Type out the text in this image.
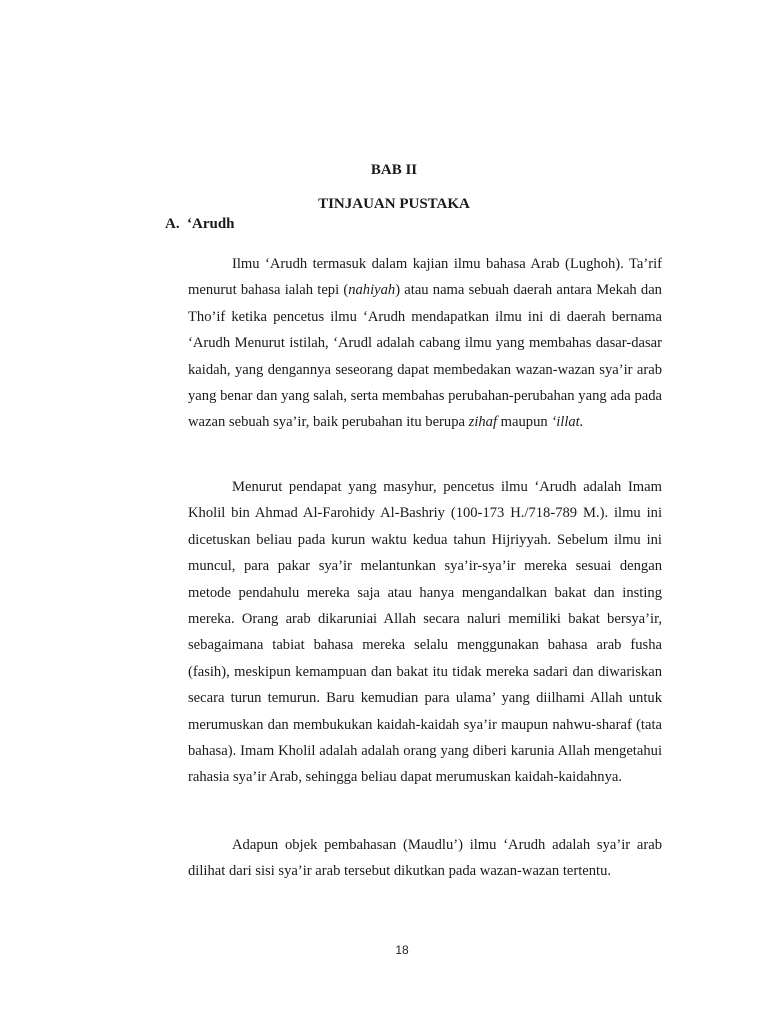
BAB II
TINJAUAN PUSTAKA
A. ‘Arudh

Ilmu ‘Arudh termasuk dalam kajian ilmu bahasa Arab (Lughoh). Ta’rif menurut bahasa ialah tepi (nahiyah) atau nama sebuah daerah antara Mekah dan Tho’if ketika pencetus ilmu ‘Arudh mendapatkan ilmu ini di daerah bernama ‘Arudh Menurut istilah, ‘Arudl adalah cabang ilmu yang membahas dasar-dasar kaidah, yang dengannya seseorang dapat membedakan wazan-wazan sya’ir arab yang benar dan yang salah, serta membahas perubahan-perubahan yang ada pada wazan sebuah sya’ir, baik perubahan itu berupa zihaf maupun ‘illat.

Menurut pendapat yang masyhur, pencetus ilmu ‘Arudh adalah Imam Kholil bin Ahmad Al-Farohidy Al-Bashriy (100-173 H./718-789 M.). ilmu ini dicetuskan beliau pada kurun waktu kedua tahun Hijriyyah. Sebelum ilmu ini muncul, para pakar sya’ir melantunkan sya’ir-sya’ir mereka sesuai dengan metode pendahulu mereka saja atau hanya mengandalkan bakat dan insting mereka. Orang arab dikaruniai Allah secara naluri memiliki bakat bersya’ir, sebagaimana tabiat bahasa mereka selalu menggunakan bahasa arab fusha (fasih), meskipun kemampuan dan bakat itu tidak mereka sadari dan diwariskan secara turun temurun. Baru kemudian para ulama’ yang diilhami Allah untuk merumuskan dan membukukan kaidah-kaidah sya’ir maupun nahwu-sharaf (tata bahasa). Imam Kholil adalah adalah orang yang diberi karunia Allah mengetahui rahasia sya’ir Arab, sehingga beliau dapat merumuskan kaidah-kaidahnya.

Adapun objek pembahasan (Maudlu’) ilmu ‘Arudh adalah sya’ir arab dilihat dari sisi sya’ir arab tersebut dikutkan pada wazan-wazan tertentu.

18
